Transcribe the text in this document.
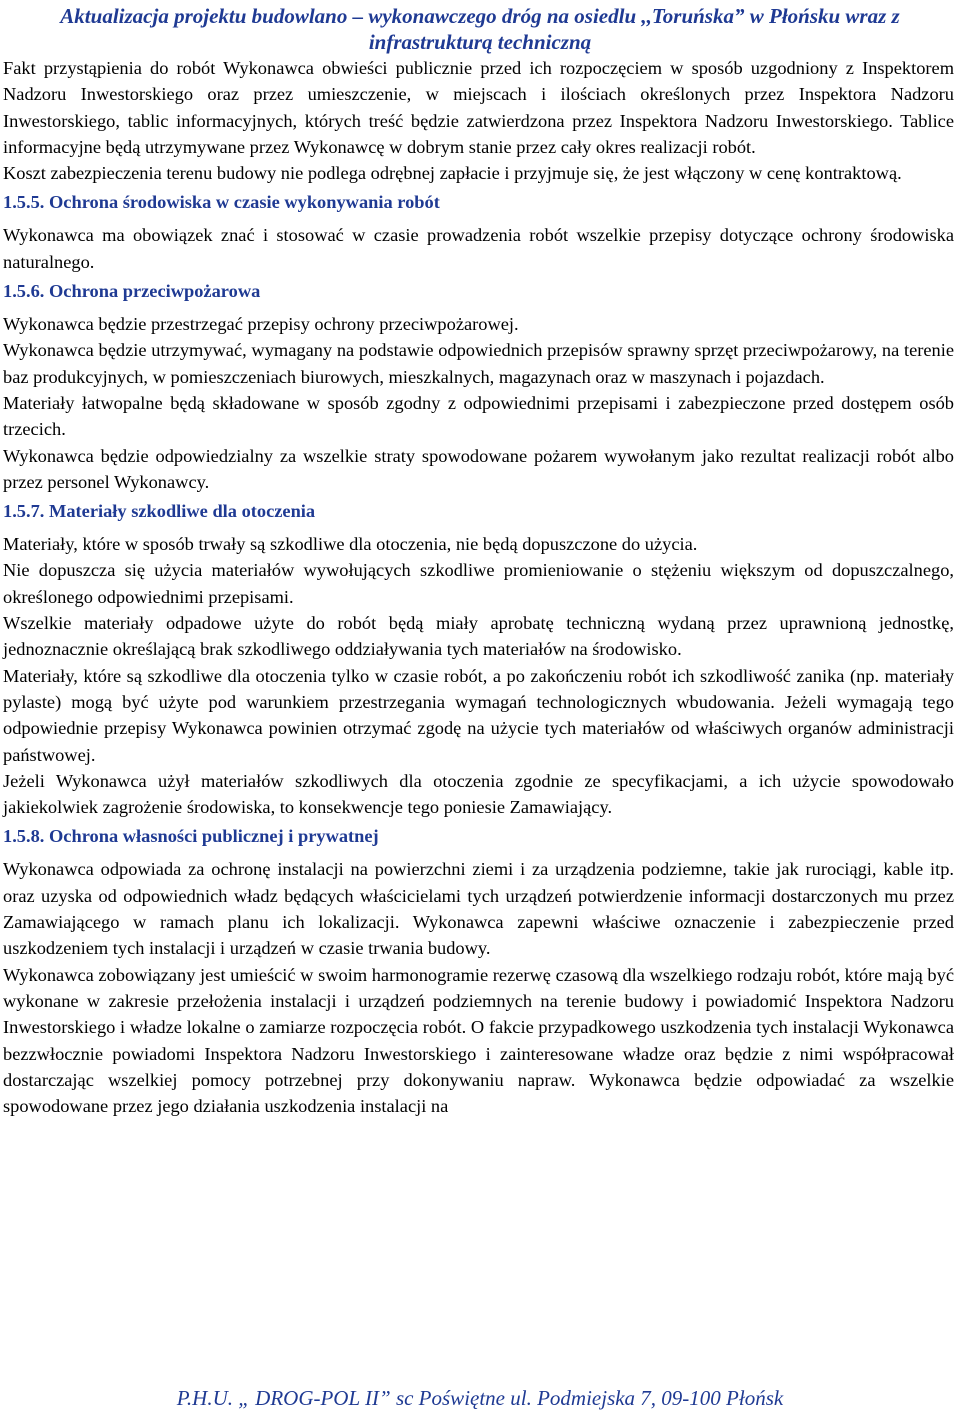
Aktualizacja projektu budowlano – wykonawczego dróg na osiedlu ,,Toruńska” w Płońsku wraz z
infrastrukturą techniczną

Fakt przystąpienia do robót Wykonawca obwieści publicznie przed ich rozpoczęciem w sposób uzgodniony z Inspektorem Nadzoru Inwestorskiego oraz przez umieszczenie, w miejscach i ilościach określonych przez Inspektora Nadzoru Inwestorskiego, tablic informacyjnych, których treść będzie zatwierdzona przez Inspektora Nadzoru Inwestorskiego. Tablice informacyjne będą utrzymywane przez Wykonawcę w dobrym stanie przez cały okres realizacji robót.

Koszt zabezpieczenia terenu budowy nie podlega odrębnej zapłacie i przyjmuje się, że jest włączony w cenę kontraktową.

1.5.5. Ochrona środowiska w czasie wykonywania robót

Wykonawca ma obowiązek znać i stosować w czasie prowadzenia robót wszelkie przepisy dotyczące ochrony środowiska naturalnego.

1.5.6. Ochrona przeciwpożarowa

Wykonawca będzie przestrzegać przepisy ochrony przeciwpożarowej.

Wykonawca będzie utrzymywać, wymagany na podstawie odpowiednich przepisów sprawny sprzęt przeciwpożarowy, na terenie baz produkcyjnych, w pomieszczeniach biurowych, mieszkalnych, magazynach oraz w maszynach i pojazdach.

Materiały łatwopalne będą składowane w sposób zgodny z odpowiednimi przepisami i zabezpieczone przed dostępem osób trzecich.

Wykonawca będzie odpowiedzialny za wszelkie straty spowodowane pożarem wywołanym jako rezultat realizacji robót albo przez personel Wykonawcy.

1.5.7. Materiały szkodliwe dla otoczenia

Materiały, które w sposób trwały są szkodliwe dla otoczenia, nie będą dopuszczone do użycia.

Nie dopuszcza się użycia materiałów wywołujących szkodliwe promieniowanie o stężeniu większym od dopuszczalnego, określonego odpowiednimi przepisami.

Wszelkie materiały odpadowe użyte do robót będą miały aprobatę techniczną wydaną przez uprawnioną jednostkę, jednoznacznie określającą brak szkodliwego oddziaływania tych materiałów na środowisko.

Materiały, które są szkodliwe dla otoczenia tylko w czasie robót, a po zakończeniu robót ich szkodliwość zanika (np. materiały pylaste) mogą być użyte pod warunkiem przestrzegania wymagań technologicznych wbudowania. Jeżeli wymagają tego odpowiednie przepisy Wykonawca powinien otrzymać zgodę na użycie tych materiałów od właściwych organów administracji państwowej.

Jeżeli Wykonawca użył materiałów szkodliwych dla otoczenia zgodnie ze specyfikacjami, a ich użycie spowodowało jakiekolwiek zagrożenie środowiska, to konsekwencje tego poniesie Zamawiający.

1.5.8. Ochrona własności publicznej i prywatnej

Wykonawca odpowiada za ochronę instalacji na powierzchni ziemi i za urządzenia podziemne, takie jak rurociągi, kable itp. oraz uzyska od odpowiednich władz będących właścicielami tych urządzeń potwierdzenie informacji dostarczonych mu przez Zamawiającego w ramach planu ich lokalizacji. Wykonawca zapewni właściwe oznaczenie i zabezpieczenie przed uszkodzeniem tych instalacji i urządzeń w czasie trwania budowy.

Wykonawca zobowiązany jest umieścić w swoim harmonogramie rezerwę czasową dla wszelkiego rodzaju robót, które mają być wykonane w zakresie przełożenia instalacji i urządzeń podziemnych na terenie budowy i powiadomić Inspektora Nadzoru Inwestorskiego i władze lokalne o zamiarze rozpoczęcia robót. O fakcie przypadkowego uszkodzenia tych instalacji Wykonawca bezzwłocznie powiadomi Inspektora Nadzoru Inwestorskiego i zainteresowane władze oraz będzie z nimi współpracował dostarczając wszelkiej pomocy potrzebnej przy dokonywaniu napraw. Wykonawca będzie odpowiadać za wszelkie spowodowane przez jego działania uszkodzenia instalacji na

P.H.U. „ DROG-POL II” sc Poświętne ul. Podmiejska 7, 09-100 Płońsk
